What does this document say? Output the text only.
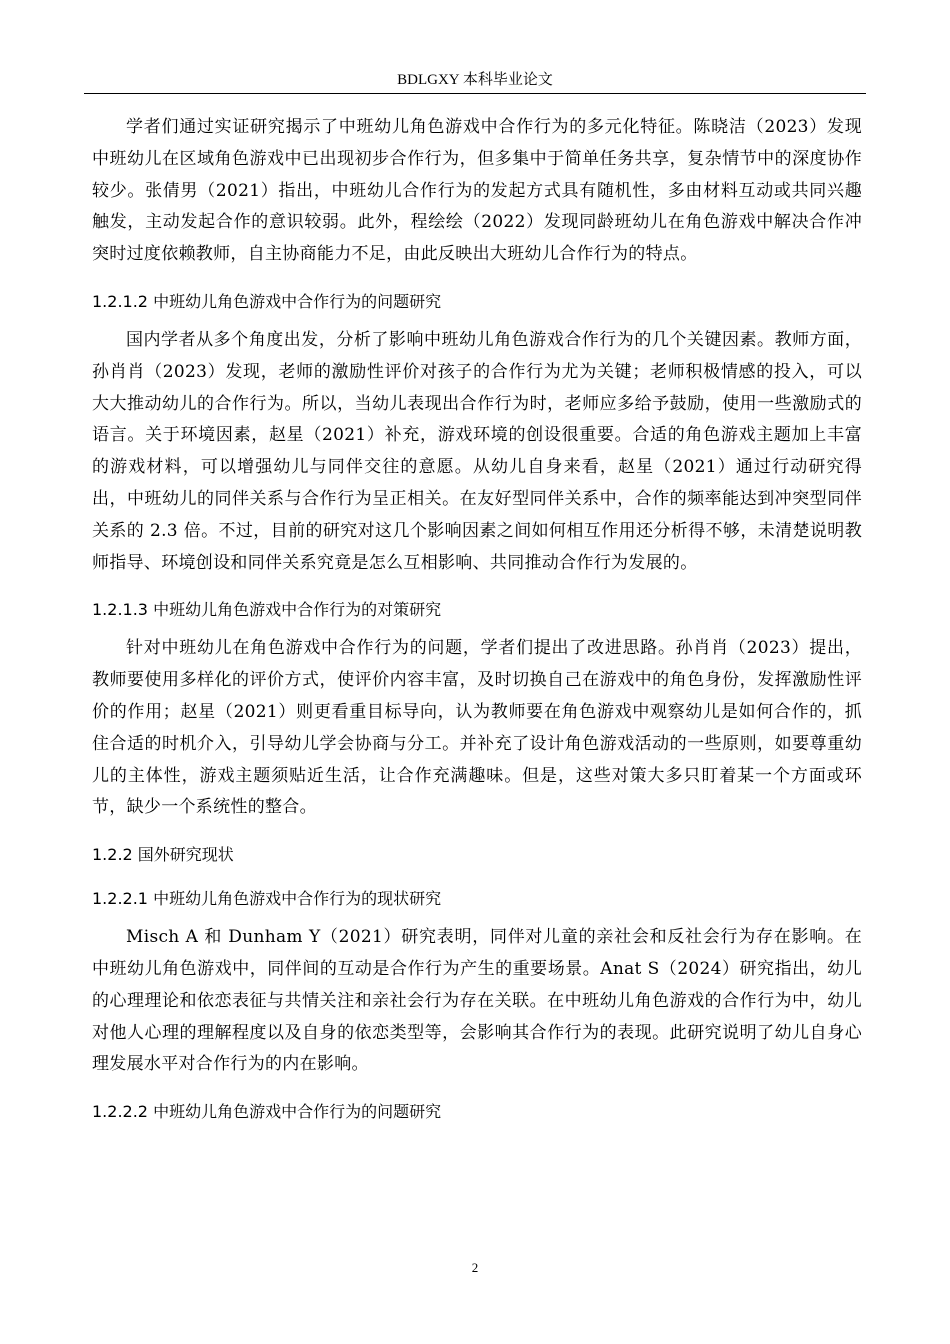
BDLGXY 本科毕业论文

学者们通过实证研究揭示了中班幼儿角色游戏中合作行为的多元化特征。陈晓洁（2023）发现中班幼儿在区域角色游戏中已出现初步合作行为，但多集中于简单任务共享，复杂情节中的深度协作较少。张倩男（2021）指出，中班幼儿合作行为的发起方式具有随机性，多由材料互动或共同兴趣触发，主动发起合作的意识较弱。此外，程绘绘（2022）发现同龄班幼儿在角色游戏中解决合作冲突时过度依赖教师，自主协商能力不足，由此反映出大班幼儿合作行为的特点。

1.2.1.2 中班幼儿角色游戏中合作行为的问题研究

国内学者从多个角度出发，分析了影响中班幼儿角色游戏合作行为的几个关键因素。教师方面，孙肖肖（2023）发现，老师的激励性评价对孩子的合作行为尤为关键；老师积极情感的投入，可以大大推动幼儿的合作行为。所以，当幼儿表现出合作行为时，老师应多给予鼓励，使用一些激励式的语言。关于环境因素，赵星（2021）补充，游戏环境的创设很重要。合适的角色游戏主题加上丰富的游戏材料，可以增强幼儿与同伴交往的意愿。从幼儿自身来看，赵星（2021）通过行动研究得出，中班幼儿的同伴关系与合作行为呈正相关。在友好型同伴关系中，合作的频率能达到冲突型同伴关系的 2.3 倍。不过，目前的研究对这几个影响因素之间如何相互作用还分析得不够，未清楚说明教师指导、环境创设和同伴关系究竟是怎么互相影响、共同推动合作行为发展的。

1.2.1.3 中班幼儿角色游戏中合作行为的对策研究

针对中班幼儿在角色游戏中合作行为的问题，学者们提出了改进思路。孙肖肖（2023）提出，教师要使用多样化的评价方式，使评价内容丰富，及时切换自己在游戏中的角色身份，发挥激励性评价的作用；赵星（2021）则更看重目标导向，认为教师要在角色游戏中观察幼儿是如何合作的，抓住合适的时机介入，引导幼儿学会协商与分工。并补充了设计角色游戏活动的一些原则，如要尊重幼儿的主体性，游戏主题须贴近生活，让合作充满趣味。但是，这些对策大多只盯着某一个方面或环节，缺少一个系统性的整合。

1.2.2 国外研究现状
1.2.2.1 中班幼儿角色游戏中合作行为的现状研究

Misch A 和 Dunham Y（2021）研究表明，同伴对儿童的亲社会和反社会行为存在影响。在中班幼儿角色游戏中，同伴间的互动是合作行为产生的重要场景。Anat S（2024）研究指出，幼儿的心理理论和依恋表征与共情关注和亲社会行为存在关联。在中班幼儿角色游戏的合作行为中，幼儿对他人心理的理解程度以及自身的依恋类型等，会影响其合作行为的表现。此研究说明了幼儿自身心理发展水平对合作行为的内在影响。

1.2.2.2 中班幼儿角色游戏中合作行为的问题研究
2
